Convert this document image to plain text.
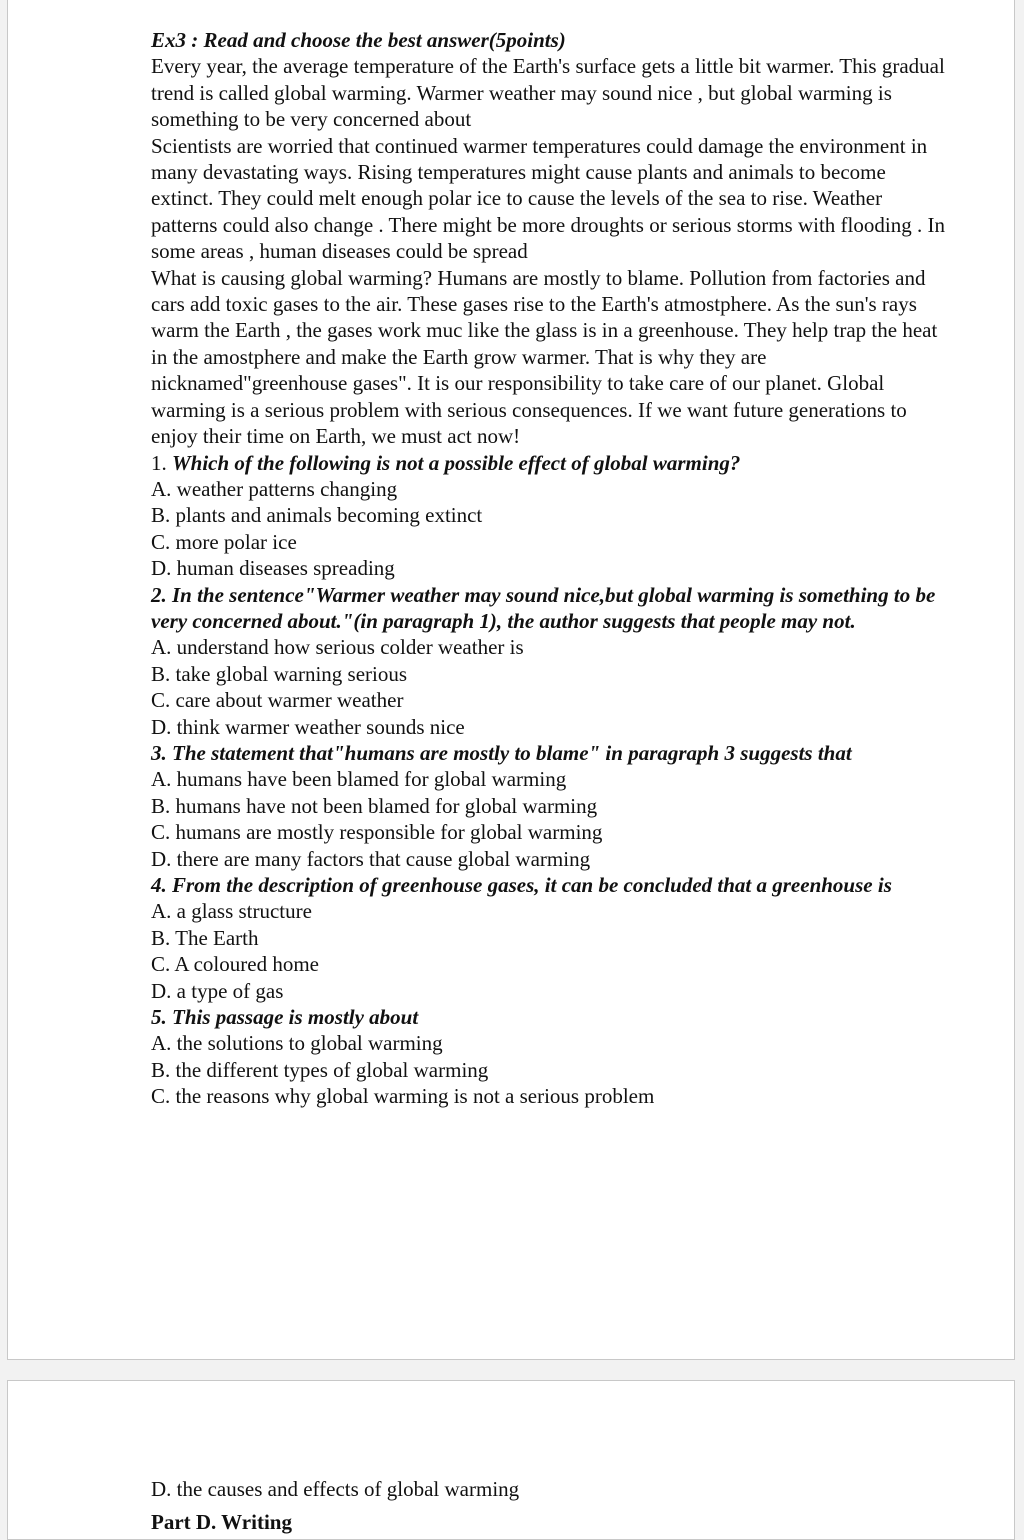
Ex3 : Read and choose the best answer(5points)

Every year, the average temperature of the Earth's surface gets a little bit warmer. This gradual trend is called global warming. Warmer weather may sound nice , but global warming is something to be very concerned about

Scientists are worried that continued warmer temperatures could damage the environment in many devastating ways. Rising temperatures might cause plants and animals to become extinct. They could melt enough polar ice to cause the levels of the sea to rise. Weather patterns could also change . There might be more droughts or serious storms with flooding . In some areas , human diseases could be spread

What is causing global warming? Humans are mostly to blame. Pollution from factories and cars add toxic gases to the air. These gases rise to the Earth's atmostphere. As the sun's rays warm the Earth , the gases work muc like the glass is in a greenhouse. They help trap the heat in the amostphere and make the Earth grow warmer. That is why they are nicknamed"greenhouse gases". It is our responsibility to take care of our planet. Global warming is a serious problem with serious consequences. If we want future generations to enjoy their time on Earth, we must act now!

1. Which of the following is not a possible effect of global warming?

A. weather patterns changing

B. plants and animals becoming extinct

C. more polar ice

D. human diseases spreading

2. In the sentence"Warmer weather may sound nice,but global warming is something to be very concerned about."(in paragraph 1), the author suggests that people may not.

A. understand how serious colder weather is

B. take global warning serious

C. care about warmer weather

D. think warmer weather sounds nice

3. The statement that"humans are mostly to blame" in paragraph 3 suggests that

A. humans have been blamed for global warming

B. humans have not been blamed for global warming

C. humans are mostly responsible for global warming

D. there are many factors that cause global warming

4. From the description of greenhouse gases, it can be concluded that a greenhouse is

A. a glass structure

B. The Earth

C. A coloured home

D. a type of gas

5. This passage is mostly about

A. the solutions to global warming

B. the different types of global warming

C. the reasons why global warming is not a serious problem

D. the causes and effects of global warming

Part D. Writing
